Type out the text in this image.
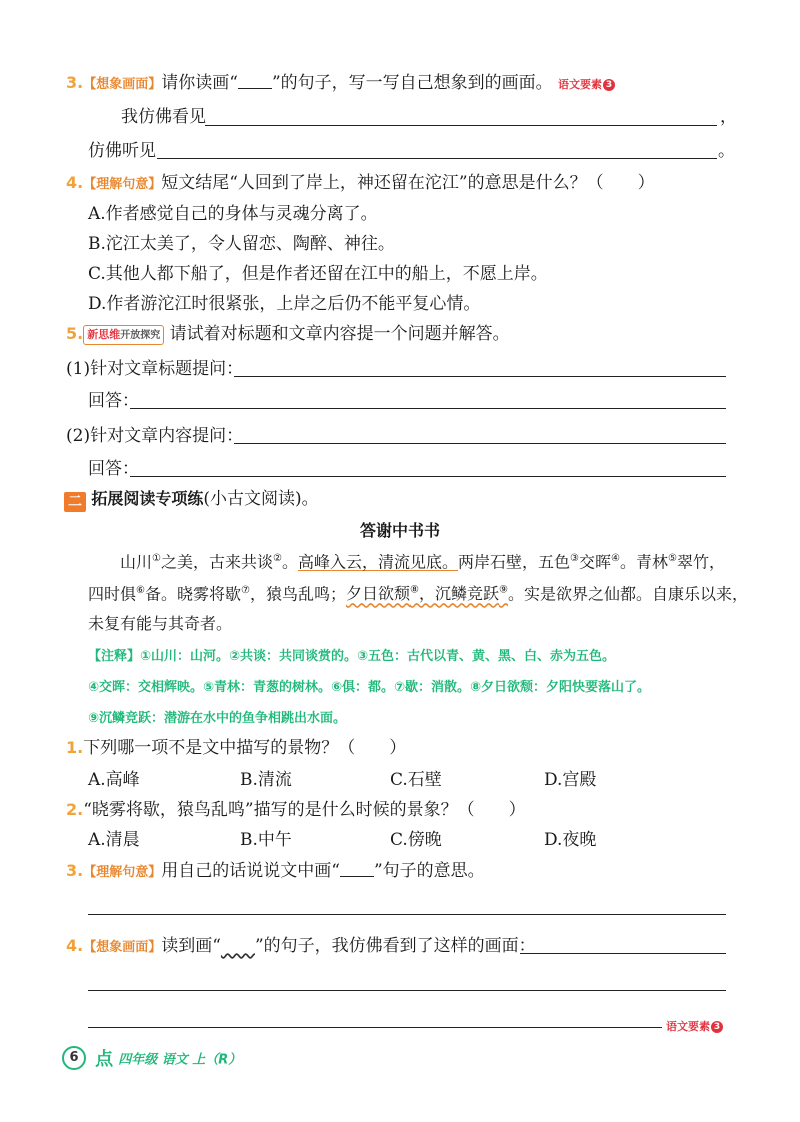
3.【想象画面】请你读画“ ”的句子，写一写自己想象到的画面。 语文要素 3
我仿佛看见	，
仿佛听见	。
4.【理解句意】短文结尾“人回到了岸上，神还留在沱江”的意思是什么？（　　）
A.作者感觉自己的身体与灵魂分离了。
B.沱江太美了，令人留恋、陶醉、神往。
C.其他人都下船了，但是作者还留在江中的船上，不愿上岸。
D.作者游沱江时很紧张，上岸之后仍不能平复心情。
5. 新思维开放探究 请试着对标题和文章内容提一个问题并解答。
(1)针对文章标题提问：
回答：
(2)针对文章内容提问：
回答：
二 拓展阅读专项练(小古文阅读)。
答谢中书书
山川①之美，古来共谈②。高峰入云，清流见底。两岸石壁，五色③交晖④。青林⑤翠竹，
四时俱⑥备。晓雾将歇⑦，猿鸟乱鸣；夕日欲颓⑧，沉鳞竞跃⑨。实是欲界之仙都。自康乐以来，
未复有能与其奇者。
【注释】①山川：山河。②共谈：共同谈赏的。③五色：古代以青、黄、黑、白、赤为五色。
④交晖：交相辉映。⑤青林：青葱的树林。⑥俱：都。⑦歇：消散。⑧夕日欲颓：夕阳快要落山了。
⑨沉鳞竞跃：潜游在水中的鱼争相跳出水面。
1.下列哪一项不是文中描写的景物？（　　）
A.高峰	B.清流	C.石壁	D.宫殿
2.“晓雾将歇，猿鸟乱鸣”描写的是什么时候的景象？（　　）
A.清晨	B.中午	C.傍晚	D.夜晚
3.【理解句意】用自己的话说说文中画“ ”句子的意思。
4.【想象画面】读到画“　　 ”的句子，我仿佛看到了这样的画面：
语文要素 3
6 点 四年级 语文 上（R）
